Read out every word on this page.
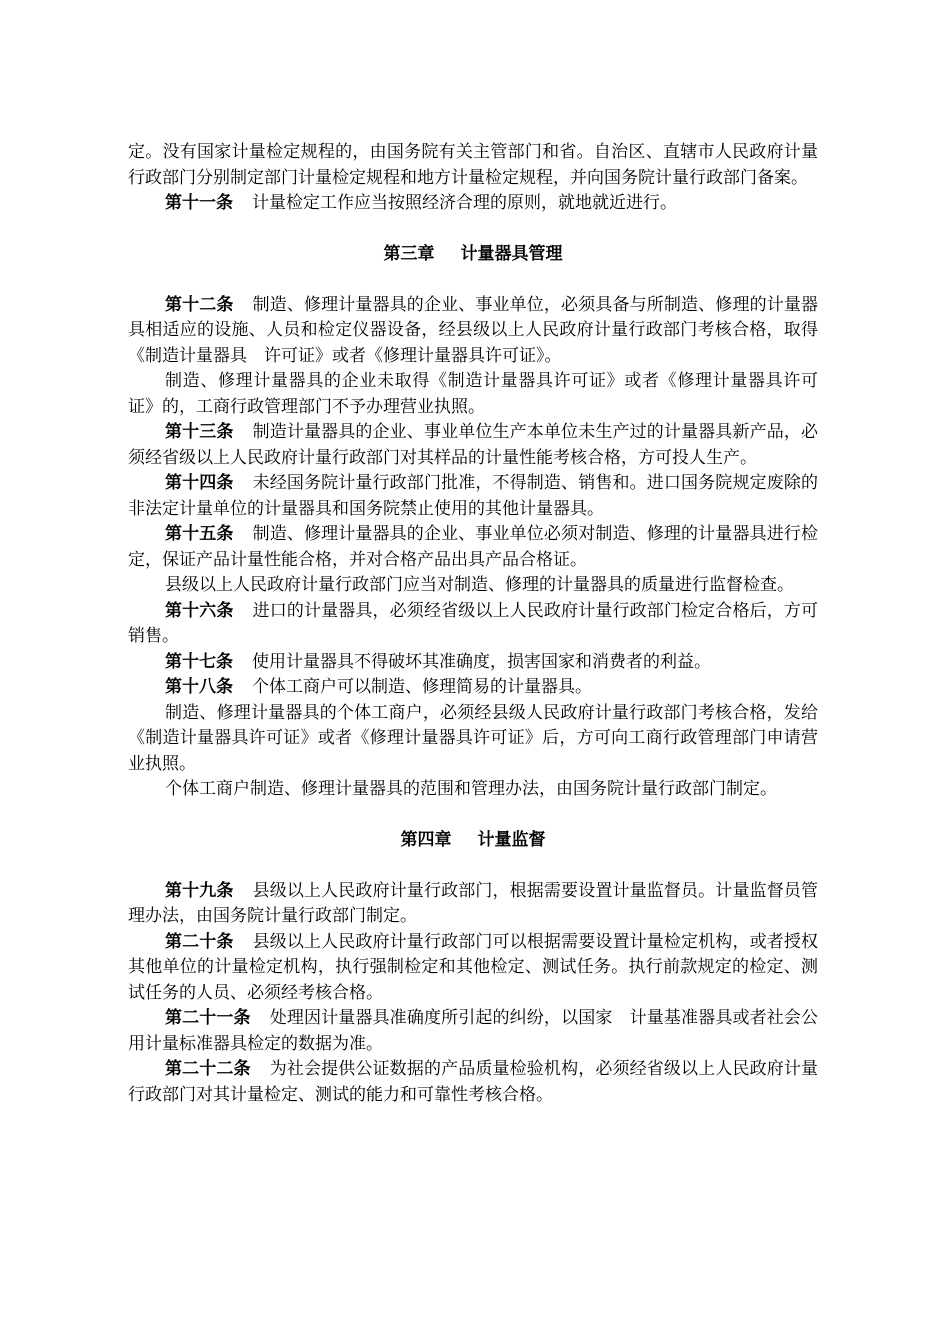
定。没有国家计量检定规程的，由国务院有关主管部门和省。自治区、直辖市人民政府计量行政部门分别制定部门计量检定规程和地方计量检定规程，并向国务院计量行政部门备案。

第十一条 计量检定工作应当按照经济合理的原则，就地就近进行。

第三章 计量器具管理

第十二条 制造、修理计量器具的企业、事业单位，必须具备与所制造、修理的计量器具相适应的设施、人员和检定仪器设备，经县级以上人民政府计量行政部门考核合格，取得《制造计量器具　许可证》或者《修理计量器具许可证》。

制造、修理计量器具的企业未取得《制造计量器具许可证》或者《修理计量器具许可证》的，工商行政管理部门不予办理营业执照。

第十三条 制造计量器具的企业、事业单位生产本单位未生产过的计量器具新产品，必须经省级以上人民政府计量行政部门对其样品的计量性能考核合格，方可投人生产。

第十四条 未经国务院计量行政部门批准，不得制造、销售和。进口国务院规定废除的非法定计量单位的计量器具和国务院禁止使用的其他计量器具。

第十五条 制造、修理计量器具的企业、事业单位必须对制造、修理的计量器具进行检定，保证产品计量性能合格，并对合格产品出具产品合格证。

县级以上人民政府计量行政部门应当对制造、修理的计量器具的质量进行监督检查。

第十六条 进口的计量器具，必须经省级以上人民政府计量行政部门检定合格后，方可销售。

第十七条 使用计量器具不得破坏其准确度，损害国家和消费者的利益。

第十八条 个体工商户可以制造、修理简易的计量器具。

制造、修理计量器具的个体工商户，必须经县级人民政府计量行政部门考核合格，发给《制造计量器具许可证》或者《修理计量器具许可证》后，方可向工商行政管理部门申请营业执照。

个体工商户制造、修理计量器具的范围和管理办法，由国务院计量行政部门制定。

第四章 计量监督

第十九条 县级以上人民政府计量行政部门，根据需要设置计量监督员。计量监督员管理办法，由国务院计量行政部门制定。

第二十条 县级以上人民政府计量行政部门可以根据需要设置计量检定机构，或者授权其他单位的计量检定机构，执行强制检定和其他检定、测试任务。执行前款规定的检定、测试任务的人员、必须经考核合格。

第二十一条 处理因计量器具准确度所引起的纠纷，以国家　计量基准器具或者社会公用计量标准器具检定的数据为准。

第二十二条 为社会提供公证数据的产品质量检验机构，必须经省级以上人民政府计量行政部门对其计量检定、测试的能力和可靠性考核合格。
